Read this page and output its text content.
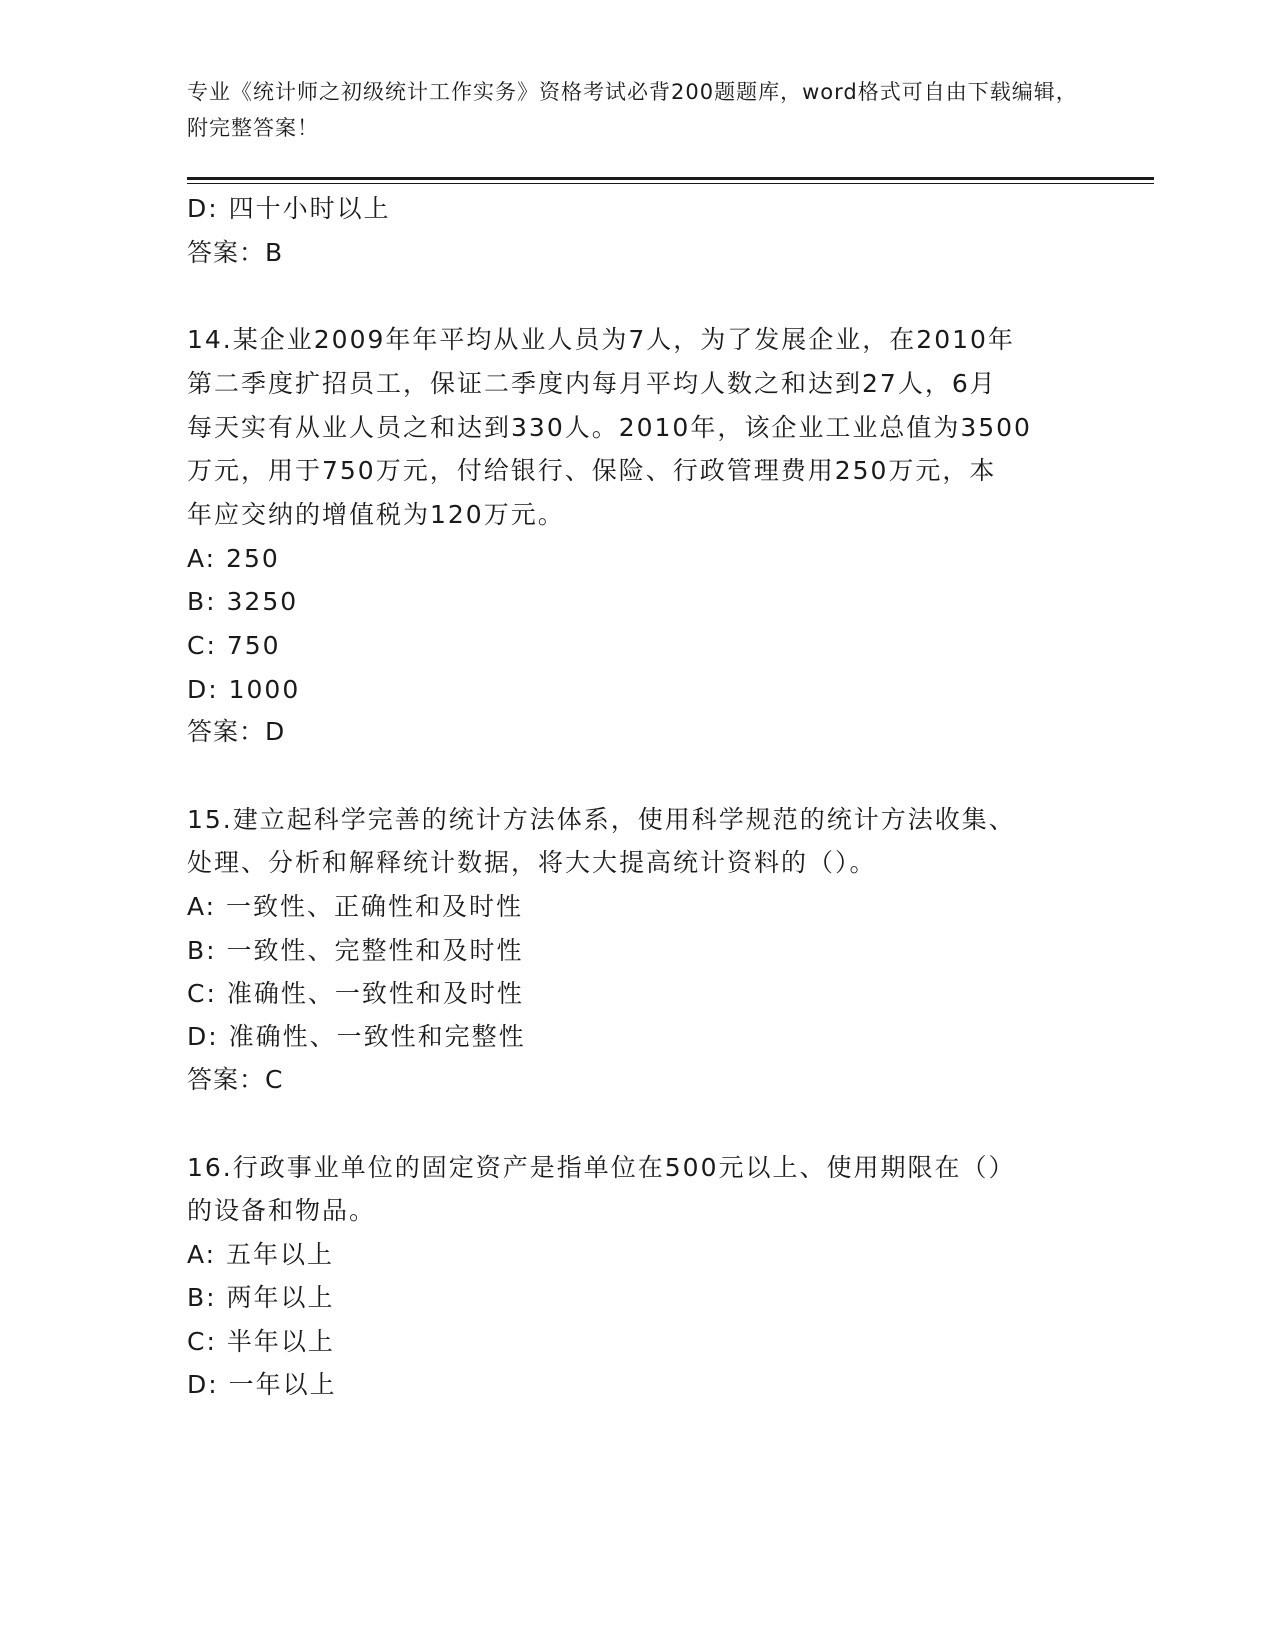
专业《统计师之初级统计工作实务》资格考试必背200题题库，word格式可自由下载编辑，附完整答案！
D: 四十小时以上
答案：B
14.某企业2009年年平均从业人员为7人，为了发展企业，在2010年
第二季度扩招员工，保证二季度内每月平均人数之和达到27人，6月
每天实有从业人员之和达到330人。2010年，该企业工业总值为3500
万元，用于750万元，付给银行、保险、行政管理费用250万元，本
年应交纳的增值税为120万元。
A: 250
B: 3250
C: 750
D: 1000
答案：D
15.建立起科学完善的统计方法体系，使用科学规范的统计方法收集、
处理、分析和解释统计数据，将大大提高统计资料的（）。
A: 一致性、正确性和及时性
B: 一致性、完整性和及时性
C: 准确性、一致性和及时性
D: 准确性、一致性和完整性
答案：C
16.行政事业单位的固定资产是指单位在500元以上、使用期限在（）
的设备和物品。
A: 五年以上
B: 两年以上
C: 半年以上
D: 一年以上
